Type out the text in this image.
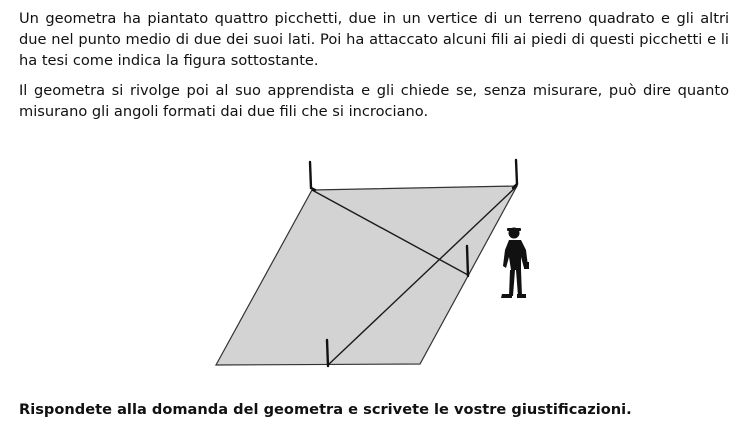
Un geometra ha piantato quattro picchetti, due in un vertice di un terreno quadrato e gli altri due nel punto medio di due dei suoi lati. Poi ha attaccato alcuni fili ai piedi di questi picchetti e li ha tesi come indica la figura sottostante.

Il geometra si rivolge poi al suo apprendista e gli chiede se, senza misurare, può dire quanto misurano gli angoli formati dai due fili che si incrociano.

Rispondete alla domanda del geometra e scrivete le vostre giustificazioni.
